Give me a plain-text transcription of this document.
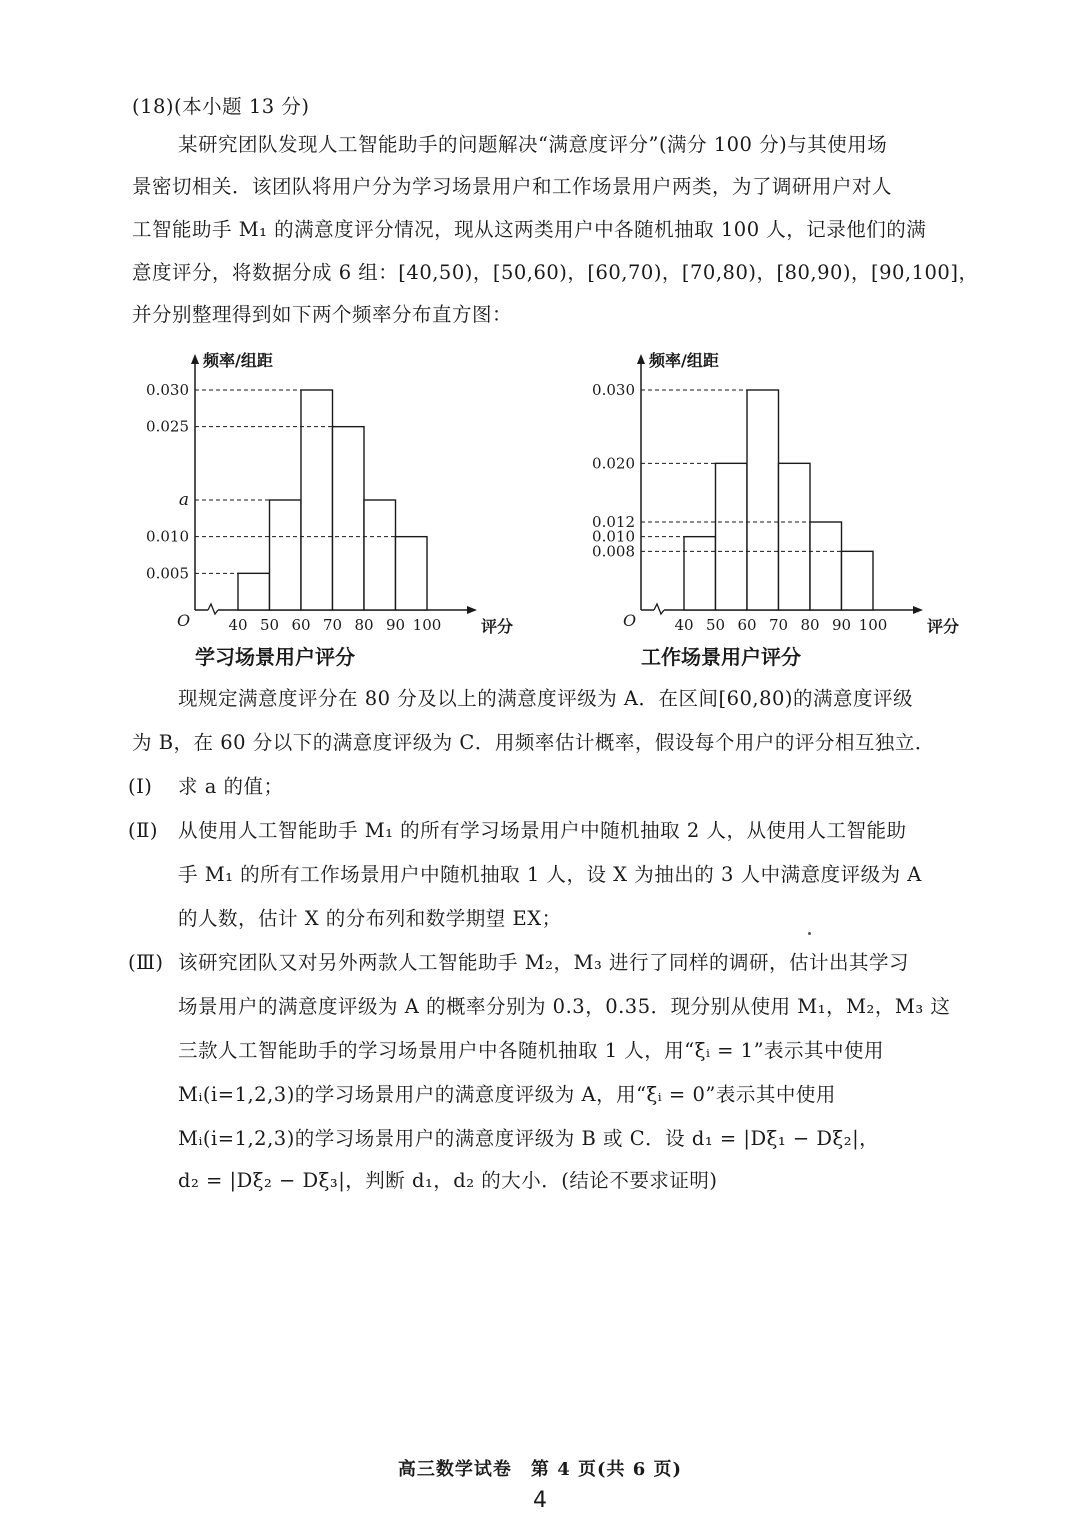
(18)(本小题 13 分)
某研究团队发现人工智能助手的问题解决“满意度评分”(满分 100 分)与其使用场
景密切相关．该团队将用户分为学习场景用户和工作场景用户两类，为了调研用户对人
工智能助手 M₁ 的满意度评分情况，现从这两类用户中各随机抽取 100 人，记录他们的满
意度评分，将数据分成 6 组：[40,50)，[50,60)，[60,70)，[70,80)，[80,90)，[90,100]，
并分别整理得到如下两个频率分布直方图：
频率/组距
O	评分
0.030
0.025
a
0.010
0.005
40 50 60 70 80 90 100
学习场景用户评分
频率/组距
O	评分
0.030
0.020
0.012
0.010
0.008
40 50 60 70 80 90 100
工作场景用户评分
现规定满意度评分在 80 分及以上的满意度评级为 A．在区间[60,80)的满意度评级
为 B，在 60 分以下的满意度评级为 C．用频率估计概率，假设每个用户的评分相互独立．
(Ⅰ)	求 a 的值；
(Ⅱ)	从使用人工智能助手 M₁ 的所有学习场景用户中随机抽取 2 人，从使用人工智能助
手 M₁ 的所有工作场景用户中随机抽取 1 人，设 X 为抽出的 3 人中满意度评级为 A
的人数，估计 X 的分布列和数学期望 EX；
(Ⅲ) 该研究团队又对另外两款人工智能助手 M₂，M₃ 进行了同样的调研，估计出其学习
场景用户的满意度评级为 A 的概率分别为 0.3，0.35．现分别从使用 M₁，M₂，M₃ 这
三款人工智能助手的学习场景用户中各随机抽取 1 人，用“ξᵢ = 1”表示其中使用
Mᵢ(i=1,2,3)的学习场景用户的满意度评级为 A，用“ξᵢ = 0”表示其中使用
Mᵢ(i=1,2,3)的学习场景用户的满意度评级为 B 或 C．设 d₁ = |Dξ₁ − Dξ₂|，
d₂ = |Dξ₂ − Dξ₃|，判断 d₁，d₂ 的大小．(结论不要求证明)
高三数学试卷　第 4 页(共 6 页)
4
